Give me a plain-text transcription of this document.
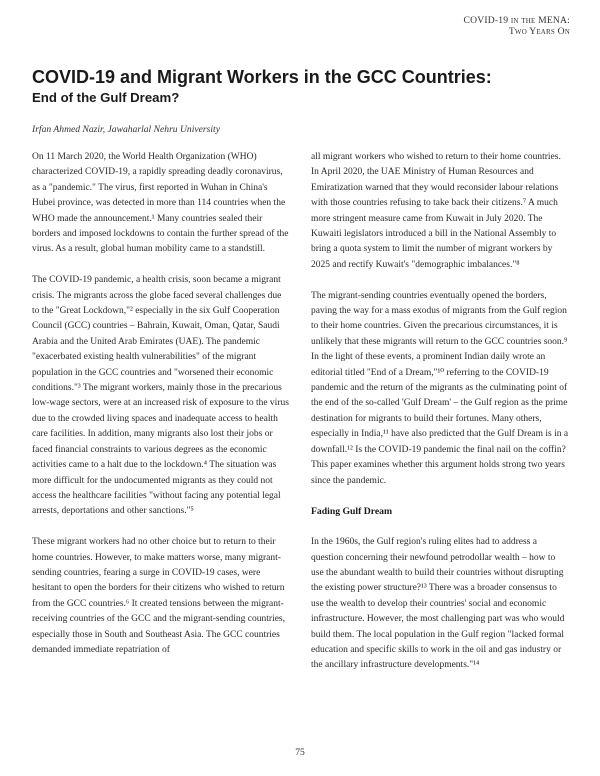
COVID-19 in the MENA:
Two Years On
COVID-19 and Migrant Workers in the GCC Countries:
End of the Gulf Dream?
Irfan Ahmed Nazir, Jawaharlal Nehru University

On 11 March 2020, the World Health Organization (WHO) characterized COVID-19, a rapidly spreading deadly coronavirus, as a "pandemic." The virus, first reported in Wuhan in China's Hubei province, was detected in more than 114 countries when the WHO made the announcement.¹ Many countries sealed their borders and imposed lockdowns to contain the further spread of the virus. As a result, global human mobility came to a standstill.

The COVID-19 pandemic, a health crisis, soon became a migrant crisis. The migrants across the globe faced several challenges due to the "Great Lockdown,"² especially in the six Gulf Cooperation Council (GCC) countries – Bahrain, Kuwait, Oman, Qatar, Saudi Arabia and the United Arab Emirates (UAE). The pandemic "exacerbated existing health vulnerabilities" of the migrant population in the GCC countries and "worsened their economic conditions."³ The migrant workers, mainly those in the precarious low-wage sectors, were at an increased risk of exposure to the virus due to the crowded living spaces and inadequate access to health care facilities. In addition, many migrants also lost their jobs or faced financial constraints to various degrees as the economic activities came to a halt due to the lockdown.⁴ The situation was more difficult for the undocumented migrants as they could not access the healthcare facilities "without facing any potential legal arrests, deportations and other sanctions."⁵

These migrant workers had no other choice but to return to their home countries. However, to make matters worse, many migrant-sending countries, fearing a surge in COVID-19 cases, were hesitant to open the borders for their citizens who wished to return from the GCC countries.⁶ It created tensions between the migrant-receiving countries of the GCC and the migrant-sending countries, especially those in South and Southeast Asia. The GCC countries demanded immediate repatriation of

all migrant workers who wished to return to their home countries. In April 2020, the UAE Ministry of Human Resources and Emiratization warned that they would reconsider labour relations with those countries refusing to take back their citizens.⁷ A much more stringent measure came from Kuwait in July 2020. The Kuwaiti legislators introduced a bill in the National Assembly to bring a quota system to limit the number of migrant workers by 2025 and rectify Kuwait's "demographic imbalances."⁸

The migrant-sending countries eventually opened the borders, paving the way for a mass exodus of migrants from the Gulf region to their home countries. Given the precarious circumstances, it is unlikely that these migrants will return to the GCC countries soon.⁹ In the light of these events, a prominent Indian daily wrote an editorial titled "End of a Dream,"¹⁰ referring to the COVID-19 pandemic and the return of the migrants as the culminating point of the end of the so-called 'Gulf Dream' – the Gulf region as the prime destination for migrants to build their fortunes. Many others, especially in India,¹¹ have also predicted that the Gulf Dream is in a downfall.¹² Is the COVID-19 pandemic the final nail on the coffin? This paper examines whether this argument holds strong two years since the pandemic.

Fading Gulf Dream

In the 1960s, the Gulf region's ruling elites had to address a question concerning their newfound petrodollar wealth – how to use the abundant wealth to build their countries without disrupting the existing power structure?¹³ There was a broader consensus to use the wealth to develop their countries' social and economic infrastructure. However, the most challenging part was who would build them. The local population in the Gulf region "lacked formal education and specific skills to work in the oil and gas industry or the ancillary infrastructure developments."¹⁴

75
